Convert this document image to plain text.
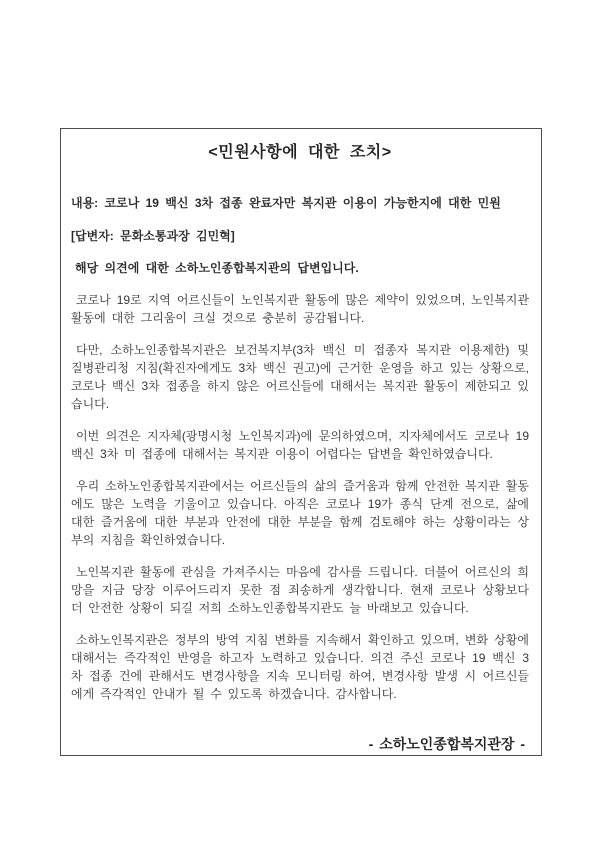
<민원사항에 대한 조치>

내용: 코로나 19 백신 3차 접종 완료자만 복지관 이용이 가능한지에 대한 민원

[답변자: 문화소통과장 김민혁]

해당 의견에 대한 소하노인종합복지관의 답변입니다.

코로나 19로 지역 어르신들이 노인복지관 활동에 많은 제약이 있었으며, 노인복지관 활동에 대한 그리움이 크실 것으로 충분히 공감됩니다.

다만, 소하노인종합복지관은 보건복지부(3차 백신 미 접종자 복지관 이용제한) 및 질병관리청 지침(확진자에게도 3차 백신 권고)에 근거한 운영을 하고 있는 상황으로, 코로나 백신 3차 접종을 하지 않은 어르신들에 대해서는 복지관 활동이 제한되고 있습니다.

이번 의견은 지자체(광명시청 노인복지과)에 문의하였으며, 지자체에서도 코로나 19 백신 3차 미 접종에 대해서는 복지관 이용이 어렵다는 답변을 확인하였습니다.

우리 소하노인종합복지관에서는 어르신들의 삶의 즐거움과 함께 안전한 복지관 활동에도 많은 노력을 기울이고 있습니다. 아직은 코로나 19가 종식 단계 전으로, 삶에 대한 즐거움에 대한 부분과 안전에 대한 부분을 함께 검토해야 하는 상황이라는 상부의 지침을 확인하였습니다.

노인복지관 활동에 관심을 가져주시는 마음에 감사를 드립니다. 더불어 어르신의 희망을 지금 당장 이루어드리지 못한 점 죄송하게 생각합니다. 현재 코로나 상황보다 더 안전한 상황이 되길 저희 소하노인종합복지관도 늘 바래보고 있습니다.

소하노인복지관은 정부의 방역 지침 변화를 지속해서 확인하고 있으며, 변화 상황에 대해서는 즉각적인 반영을 하고자 노력하고 있습니다. 의견 주신 코로나 19 백신 3차 접종 건에 관해서도 변경사항을 지속 모니터링 하여, 변경사항 발생 시 어르신들에게 즉각적인 안내가 될 수 있도록 하겠습니다. 감사합니다.

- 소하노인종합복지관장 -
